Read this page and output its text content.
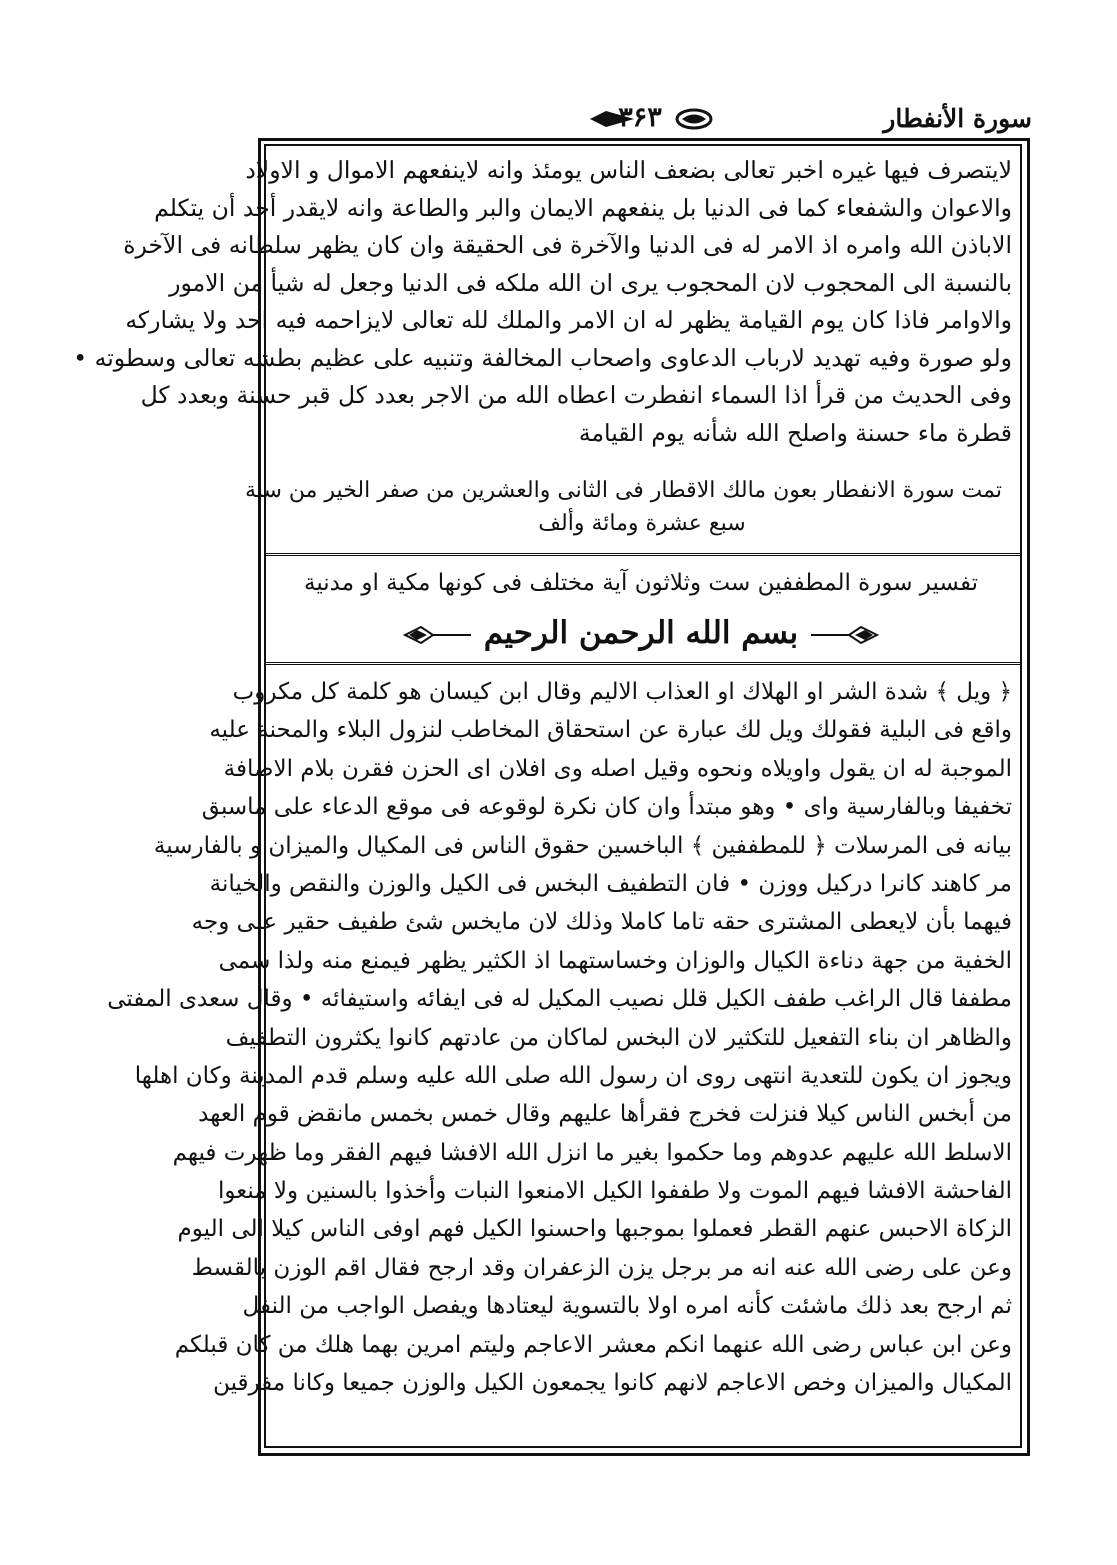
سورة الأنفطار
۳۶۳
لايتصرف فيها غيره اخبر تعالى بضعف الناس يومئذ وانه لاينفعهم الاموال و الاولاد
والاعوان والشفعاء كما فى الدنيا بل ينفعهم الايمان والبر والطاعة وانه لايقدر أحد أن يتكلم
الاباذن الله وامره اذ الامر له فى الدنيا والآخرة فى الحقيقة وان كان يظهر سلطانه فى الآخرة
بالنسبة الى المحجوب لان المحجوب يرى ان الله ملكه فى الدنيا وجعل له شيأ من الامور
والاوامر فاذا كان يوم القيامة يظهر له ان الامر والملك لله تعالى لايزاحمه فيه احد ولا يشاركه
ولو صورة وفيه تهديد لارباب الدعاوى واصحاب المخالفة وتنبيه على عظيم بطشه تعالى وسطوته •
وفى الحديث من قرأ اذا السماء انفطرت اعطاه الله من الاجر بعدد كل قبر حسنة وبعدد كل
قطرة ماء حسنة واصلح الله شأنه يوم القيامة
تمت سورة الانفطار بعون مالك الاقطار فى الثانى والعشرين من صفر الخير من سنة
سبع عشرة ومائة وألف
تفسير سورة المطففين ست وثلاثون آية مختلف فى كونها مكية او مدنية
بسم الله الرحمن الرحيم
﴿ ويل ﴾ شدة الشر او الهلاك او العذاب الاليم وقال ابن كيسان هو كلمة كل مكروب
واقع فى البلية فقولك ويل لك عبارة عن استحقاق المخاطب لنزول البلاء والمحنة عليه
الموجبة له ان يقول واويلاه ونحوه وقيل اصله وى افلان اى الحزن فقرن بلام الاضافة
تخفيفا وبالفارسية واى • وهو مبتدأ وان كان نكرة لوقوعه فى موقع الدعاء على ماسبق
بيانه فى المرسلات ﴿ للمطففين ﴾ الباخسين حقوق الناس فى المكيال والميزان و بالفارسية
مر كاهند كانرا دركيل ووزن • فان التطفيف البخس فى الكيل والوزن والنقص والخيانة
فيهما بأن لايعطى المشترى حقه تاما كاملا وذلك لان مايخس شئ طفيف حقير على وجه
الخفية من جهة دناءة الكيال والوزان وخساستهما اذ الكثير يظهر فيمنع منه ولذا سمى
مطففا قال الراغب طفف الكيل قلل نصيب المكيل له فى ايفائه واستيفائه • وقال سعدى المفتى
والظاهر ان بناء التفعيل للتكثير لان البخس لماكان من عادتهم كانوا يكثرون التطفيف
ويجوز ان يكون للتعدية انتهى روى ان رسول الله صلى الله عليه وسلم قدم المدينة وكان اهلها
من أبخس الناس كيلا فنزلت فخرج فقرأها عليهم وقال خمس بخمس مانقض قوم العهد
الاسلط الله عليهم عدوهم وما حكموا بغير ما انزل الله الافشا فيهم الفقر وما ظهرت فيهم
الفاحشة الافشا فيهم الموت ولا طففوا الكيل الامنعوا النبات وأخذوا بالسنين ولا منعوا
الزكاة الاحبس عنهم القطر فعملوا بموجبها واحسنوا الكيل فهم اوفى الناس كيلا الى اليوم
وعن على رضى الله عنه انه مر برجل يزن الزعفران وقد ارجح فقال اقم الوزن بالقسط
ثم ارجح بعد ذلك ماشئت كأنه امره اولا بالتسوية ليعتادها ويفصل الواجب من النفل
وعن ابن عباس رضى الله عنهما انكم معشر الاعاجم وليتم امرين بهما هلك من كان قبلكم
المكيال والميزان وخص الاعاجم لانهم كانوا يجمعون الكيل والوزن جميعا وكانا مفرقين
